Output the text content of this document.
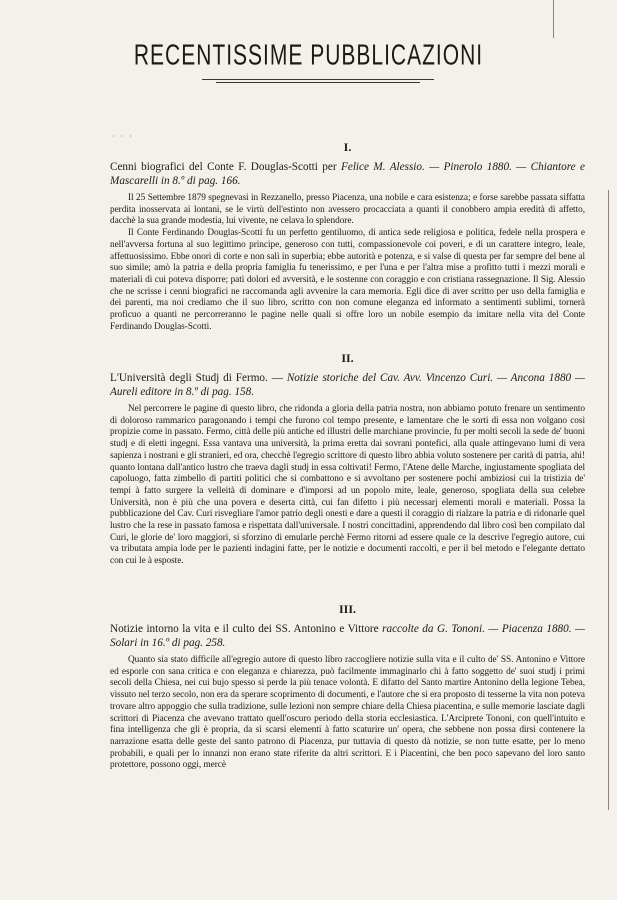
RECENTISSIME PUBBLICAZIONI
· · ·
I.
Cenni biografici del Conte F. Douglas-Scotti per Felice M. Alessio. — Pinerolo 1880. — Chiantore e Mascarelli in 8.º di pag. 166.

Il 25 Settembre 1879 spegnevasi in Rezzanello, presso Piacenza, una nobile e cara esistenza; e forse sarebbe passata siffatta perdita inosservata ai lontani, se le virtù dell'estinto non avessero procacciata a quanti il conobbero ampia eredità di affetto, dacchè la sua grande modestia, lui vivente, ne celava lo splendore.

Il Conte Ferdinando Douglas-Scotti fu un perfetto gentiluomo, di antica sede religiosa e politica, fedele nella prospera e nell'avversa fortuna al suo legittimo principe, generoso con tutti, compassionevole coi poveri, e di un carattere integro, leale, affettuosissimo. Ebbe onori di corte e non salì in superbia; ebbe autorità e potenza, e si valse di questa per far sempre del bene al suo simile; amò la patria e della propria famiglia fu tenerissimo, e per l'una e per l'altra mise a profitto tutti i mezzi morali e materiali di cui poteva disporre; patì dolori ed avversità, e le sostenne con coraggio e con cristiana rassegnazione. Il Sig. Alessio che ne scrisse i cenni biografici ne raccomanda agli avvenire la cara memoria. Egli dice di aver scritto per uso della famiglia e dei parenti, ma noi crediamo che il suo libro, scritto con non comune eleganza ed informato a sentimenti sublimi, tornerà proficuo a quanti ne percorreranno le pagine nelle quali si offre loro un nobile esempio da imitare nella vita del Conte Ferdinando Douglas-Scotti.

II.
L'Università degli Studj di Fermo. — Notizie storiche del Cav. Avv. Vincenzo Curi. — Ancona 1880 — Aureli editore in 8.º di pag. 158.

Nel percorrere le pagine di questo libro, che ridonda a gloria della patria nostra, non abbiamo potuto frenare un sentimento di doloroso rammarico paragonando i tempi che furono col tempo presente, e lamentare che le sorti di essa non volgano così propizie come in passato. Fermo, città delle più antiche ed illustri delle marchiane provincie, fu per molti secoli la sede de' buoni studj e di eletti ingegni. Essa vantava una università, la prima eretta dai sovrani pontefici, alla quale attingevano lumi di vera sapienza i nostrani e gli stranieri, ed ora, checchè l'egregio scrittore di questo libro abbia voluto sostenere per carità di patria, ahi! quanto lontana dall'antico lustro che traeva dagli studj in essa coltivati! Fermo, l'Atene delle Marche, ingiustamente spogliata del capoluogo, fatta zimbello di partiti politici che si combattono e si avvoltano per sostenere pochi ambiziosi cui la tristizia de' tempi à fatto surgere la velleità di dominare e d'imporsi ad un popolo mite, leale, generoso, spogliata della sua celebre Università, non è più che una povera e deserta città, cui fan difetto i più necessarj elementi morali e materiali. Possa la pubblicazione del Cav. Curi risvegliare l'amor patrio degli onesti e dare a questi il coraggio di rialzare la patria e di ridonarle quel lustro che la rese in passato famosa e rispettata dall'universale. I nostri concittadini, apprendendo dal libro così ben compilato dal Curi, le glorie de' loro maggiori, si sforzino di emularle perchè Fermo ritorni ad essere quale ce la descrive l'egregio autore, cui va tributata ampia lode per le pazienti indagini fatte, per le notizie e documenti raccolti, e per il bel metodo e l'elegante dettato con cui le à esposte.

III.
Notizie intorno la vita e il culto dei SS. Antonino e Vittore raccolte da G. Tononi. — Piacenza 1880. — Solari in 16.º di pag. 258.

Quanto sia stato difficile all'egregio autore di questo libro raccogliere notizie sulla vita e il culto de' SS. Antonino e Vittore ed esporle con sana critica e con eleganza e chiarezza, può facilmente immaginarlo chi à fatto soggetto de' suoi studj i primi secoli della Chiesa, nei cui bujo spesso si perde la più tenace volontà. E difatto del Santo martire Antonino della legione Tebea, vissuto nel terzo secolo, non era da sperare scoprimento di documenti, e l'autore che si era proposto di tesserne la vita non poteva trovare altro appoggio che sulla tradizione, sulle lezioni non sempre chiare della Chiesa piacentina, e sulle memorie lasciate dagli scrittori di Piacenza che avevano trattato quell'oscuro periodo della storia ecclesiastica. L'Arciprete Tononi, con quell'intuito e fina intelligenza che gli è propria, da sì scarsi elementi à fatto scaturire un' opera, che sebbene non possa dirsi contenere la narrazione esatta delle geste del santo patrono di Piacenza, pur tuttavia di questo dà notizie, se non tutte esatte, per lo meno probabili, e quali per lo innanzi non erano state riferite da altri scrittori. E i Piacentini, che ben poco sapevano del loro santo protettore, possono oggi, mercè
